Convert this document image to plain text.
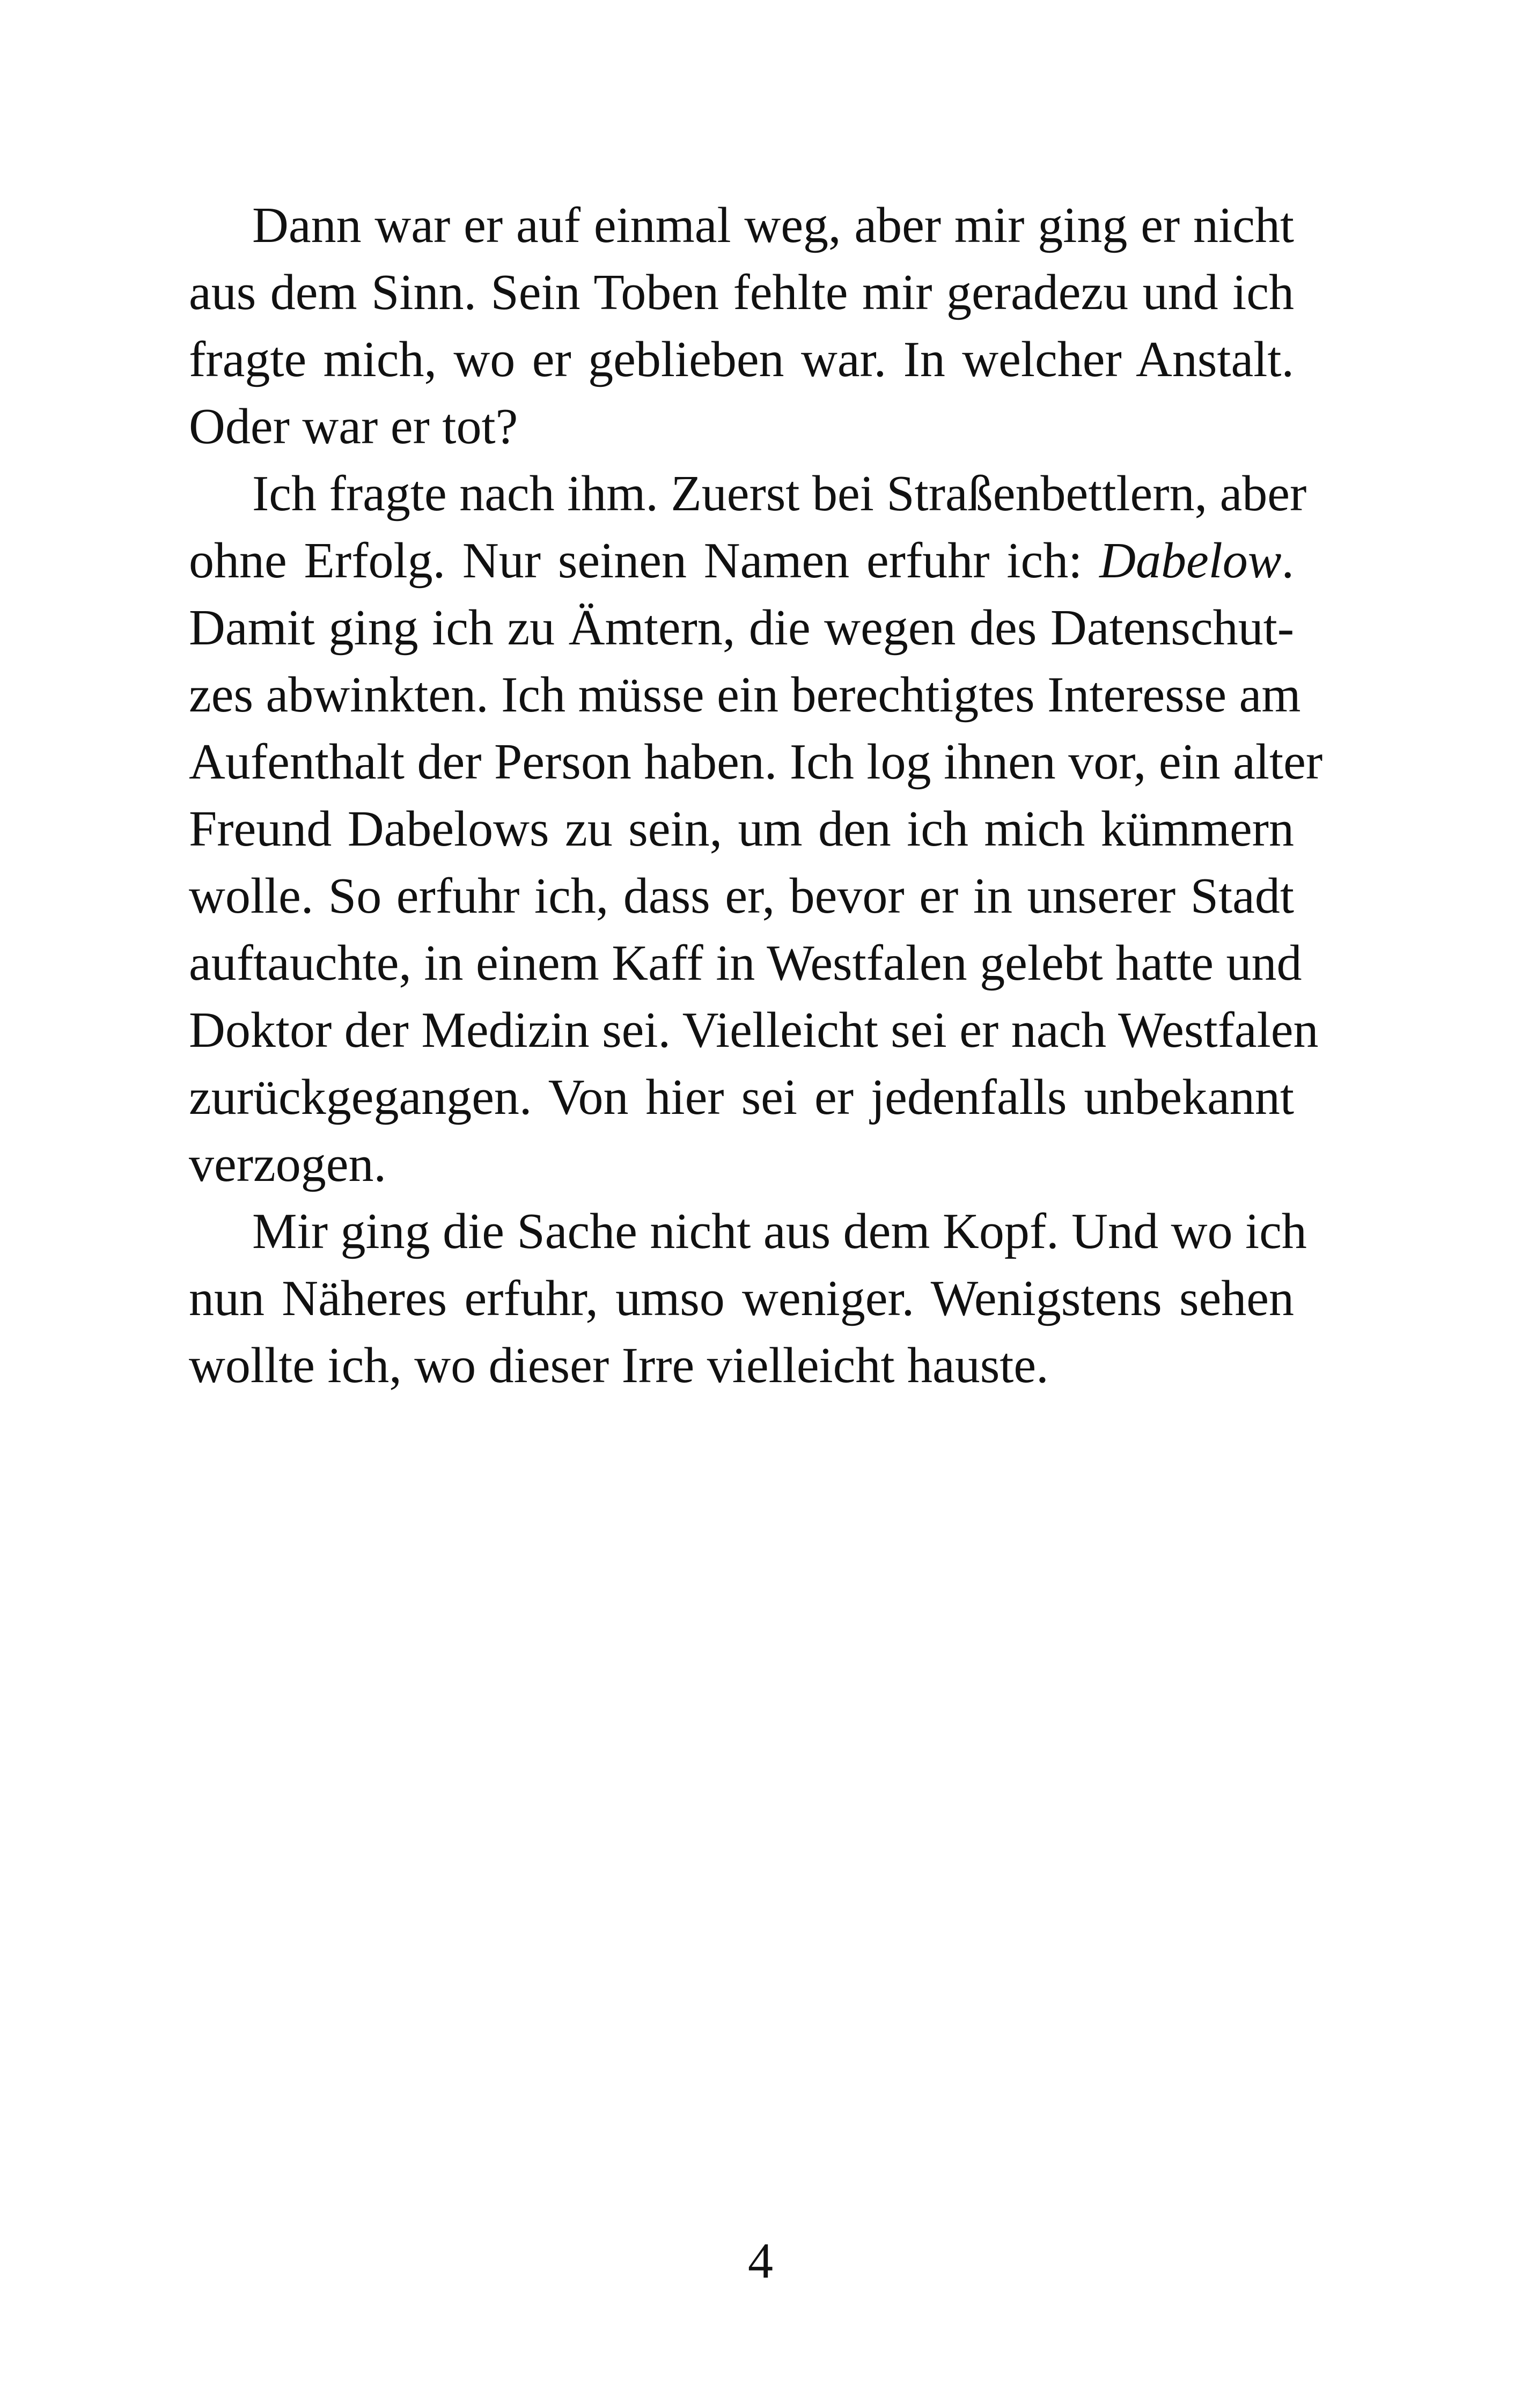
Dann war er auf einmal weg, aber mir ging er nicht
aus dem Sinn. Sein Toben fehlte mir geradezu und ich
fragte mich, wo er geblieben war. In welcher Anstalt.
Oder war er tot?

Ich fragte nach ihm. Zuerst bei Straßenbettlern, aber
ohne Erfolg. Nur seinen Namen erfuhr ich: Dabelow.
Damit ging ich zu Ämtern, die wegen des Datenschut-
zes abwinkten. Ich müsse ein berechtigtes Interesse am
Aufenthalt der Person haben. Ich log ihnen vor, ein alter
Freund Dabelows zu sein, um den ich mich kümmern
wolle. So erfuhr ich, dass er, bevor er in unserer Stadt
auftauchte, in einem Kaff in Westfalen gelebt hatte und
Doktor der Medizin sei. Vielleicht sei er nach Westfalen
zurückgegangen. Von hier sei er jedenfalls unbekannt
verzogen.

Mir ging die Sache nicht aus dem Kopf. Und wo ich
nun Näheres erfuhr, umso weniger. Wenigstens sehen
wollte ich, wo dieser Irre vielleicht hauste.

4
